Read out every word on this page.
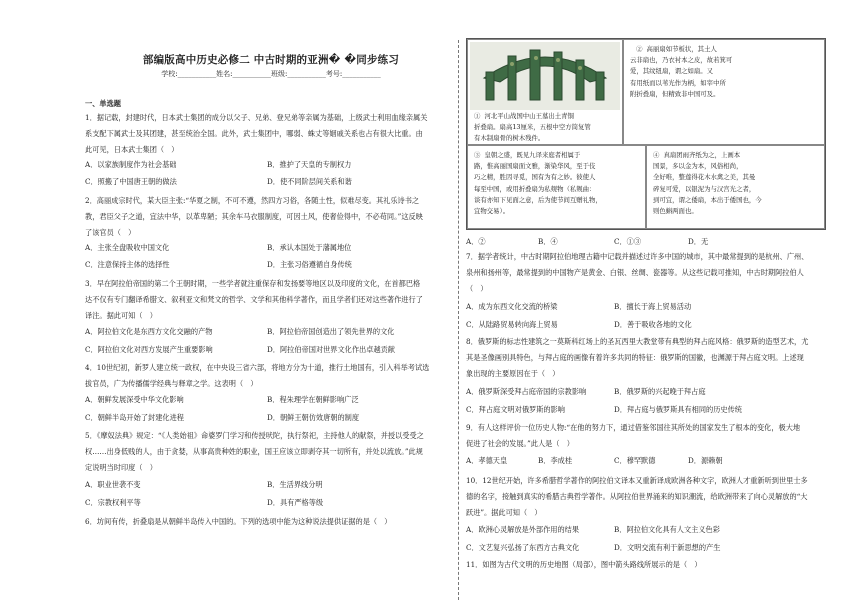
部编版高中历史必修二 中古时期的亚洲� �同步练习
学校:___________姓名:___________班级:___________考号:___________
一、单选题
1．据记载，封建时代，日本武士集团的成分以父子、兄弟、登兄弟等亲属为基础，上级武士利用血缘亲属关
系支配下属武士及其团建，甚至统治全国。此外，武士集团中，哪弱、蛛丈等姻戚关系也占有很大比重。由
此可见，日本武士集团（　）
A．以家族制度作为社会基础	B．推护了天皇的专制权力
C．照搬了中国唐王朝的做法	D．使不同阶层间关系和谐
2．高丽成宗时代，某大臣主张:“华夏之制，不可不遵，然四方习俗，各随土性，似难尽变。其礼乐诗书之
教，君臣父子之道，宜法中华，以革卑陋；其余车马衣服制度，可因土风，使奢俭得中，不必苟同。”这反映
了该官员（　）
A．主张全盘吸收中国文化	B．承认本国处于藩属地位
C．注意保持主体的选择性	D．主张习俗遵循自身传统
3．早在阿拉伯帝国的第二个王朝时期，一些学者就注重保存和发扬要等地区以及印度的文化，在首都巴格
达不仅有专门翻译希腊文、叙利亚文和梵文的哲学、文学和其他科学著作，而且学者们还对这些著作进行了
译注。据此可知（　）
A．阿拉伯文化是东西方文化交融的产物	B．阿拉伯帝国创造出了领先世界的文化
C．阿拉伯文化对西方发展产生重要影响	D．阿拉伯帝国对世界文化作出卓越贡献
4．10世纪初，新罗人建立统一政权，在中央设三省六部，将地方分为十道，推行土地国有，引入科举考试选
拔官员，广为传播儒学经典与释章之学。这表明（　）
A．朝鲜发展深受中华文化影响	B．程朱理学在朝鲜影响广泛
C．朝鲜半岛开始了封建化进程	D．朝鲜王朝仿效唐朝的制度
5．《摩奴法典》规定：“《人类始祖》命婆罗门学习和传授吠陀，执行祭祀，主持他人的献祭，并授以受受之
权……出身低贱的人，由于贪婪，从事高贵种姓的职业，国王应该立即剥夺其一切所有，并处以流放。”此规
定说明当时印度（　）
A．职业世袭不变	B．生活界线分明
C．宗教权利平等	D．具有严格等级
6．坊间有传，折叠扇是从朝鲜半岛传入中国的。下列的选项中能为这种说法提供证据的是（　）
①  河北平山战国中山王墓出土青铜
折叠扇。扇高13厘米，五根中空方筒复管
有木制扇骨的树木残件。
②  高丽扇如节板状，其土人
云非扇也，乃衣衬本之皮，故若箕可
爱，其纹纽扇，谓之如扇。又
有用纸而以苇光作为柄，如宰中所
附折叠扇，但精致非中国可及。
③  皇朝之盛，既见九译来庭者相属于
路，惟高丽国扇面文雅，渐染华风，至于伎
巧之精，胜因寻觅，国有为有之妙。彼使人
每至中国，或用折叠扇为私觌物（私觌曲：
谈有亦知下见面之意，后为使节间互赠礼物，
宜物交易）。
④  真扇团雨齐纸为之，上画本
国景，多以金为本，风俗相尚，
全好唯，整莲得花木水禽之美，其曼
碎复可爱，以银泥为与汉宫光之者，
到可宜，谓之倭扇，本出于倭国也，今
则色蝌两面也。
A．②	B．④	C．①③	D．无
7．据学者统计，中古时期阿拉伯地理古籍中记载并描述过许多中国的城市，其中最常提到的是杭州、广州、
泉州和扬州等，最常提到的中国物产是黄金、白银、丝绸、瓷器等。从这些记载可推知，中古时期阿拉伯人
（　）
A．成为东西文化交流的桥梁	B．擅长于海上贸易活动
C．从陆路贸易转向海上贸易	D．善于吸收各地的文化
8．俄罗斯的标志性建筑之一莫斯科红场上的圣瓦西里大教堂带有典型的拜占庭风格：俄罗斯的造型艺术，尤
其是圣像画别具特色，与拜占庭的画像有着许多共同的特征：俄罗斯的国徽，也渊源于拜占庭文明。上述现
象出现的主要原因在于（　）
A．俄罗斯深受拜占庭帝国的宗教影响	B．俄罗斯的兴起晚于拜占庭
C．拜占庭文明对俄罗斯的影响	D．拜占庭与俄罗斯具有相同的历史传统
9．有人这样评价一位历史人物:“在他的努力下，通过借鉴邻国往其所处的国家发生了根本的变化，极大地
促进了社会的发展。”此人是（　）
A．孝德天皇	B．李成桂	C．穆罕默德	D．源赖朝
10．12世纪开始，许多希腊哲学著作的阿拉伯文译本又重新译成欧洲各种文字，欧洲人才重新听到世里士多
德的名字，接触到真实的希腊古典哲学著作。从阿拉伯世界涌来的知识潮流，给欧洲带来了向心灵解放的“大
跃进”。据此可知（　）
A．欧洲心灵解放是外部作用的结果	B．阿拉伯文化具有人文主义色彩
C．文艺复兴弘扬了东西方古典文化	D．文明交流有利于新思想的产生
11．如图为古代文明的历史地图（局部），图中箭头路线所展示的是（　）
